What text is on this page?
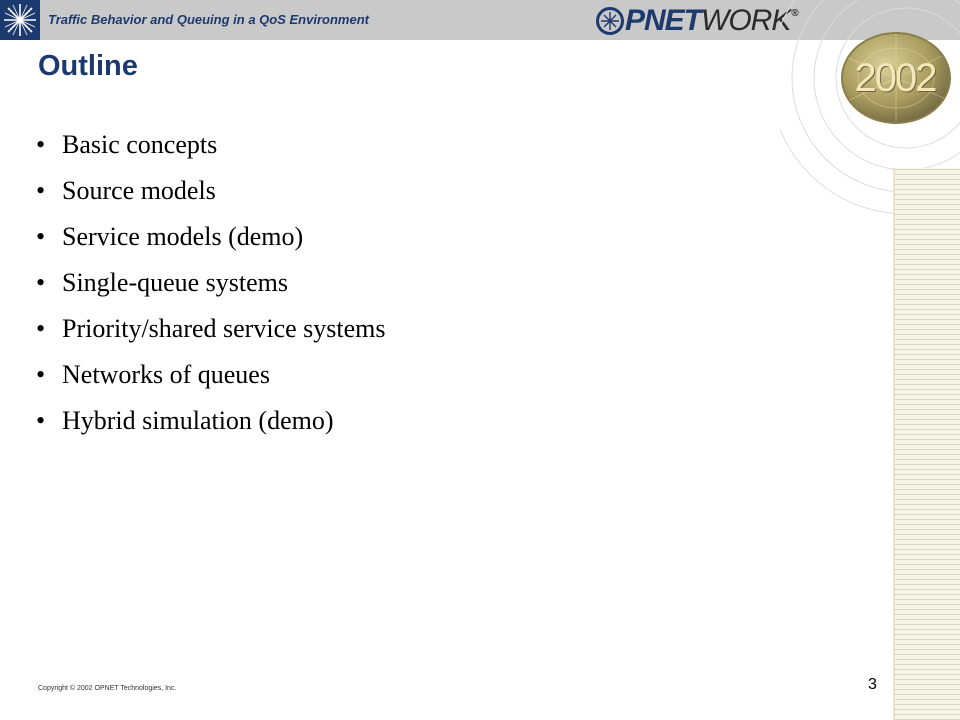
Traffic Behavior and Queuing in a QoS Environment	PNET WORK ®
2002
Outline
• Basic concepts
• Source models
• Service models (demo)
• Single-queue systems
• Priority/shared service systems
• Networks of queues
• Hybrid simulation (demo)
Copyright © 2002 OPNET Technologies, Inc.	3
